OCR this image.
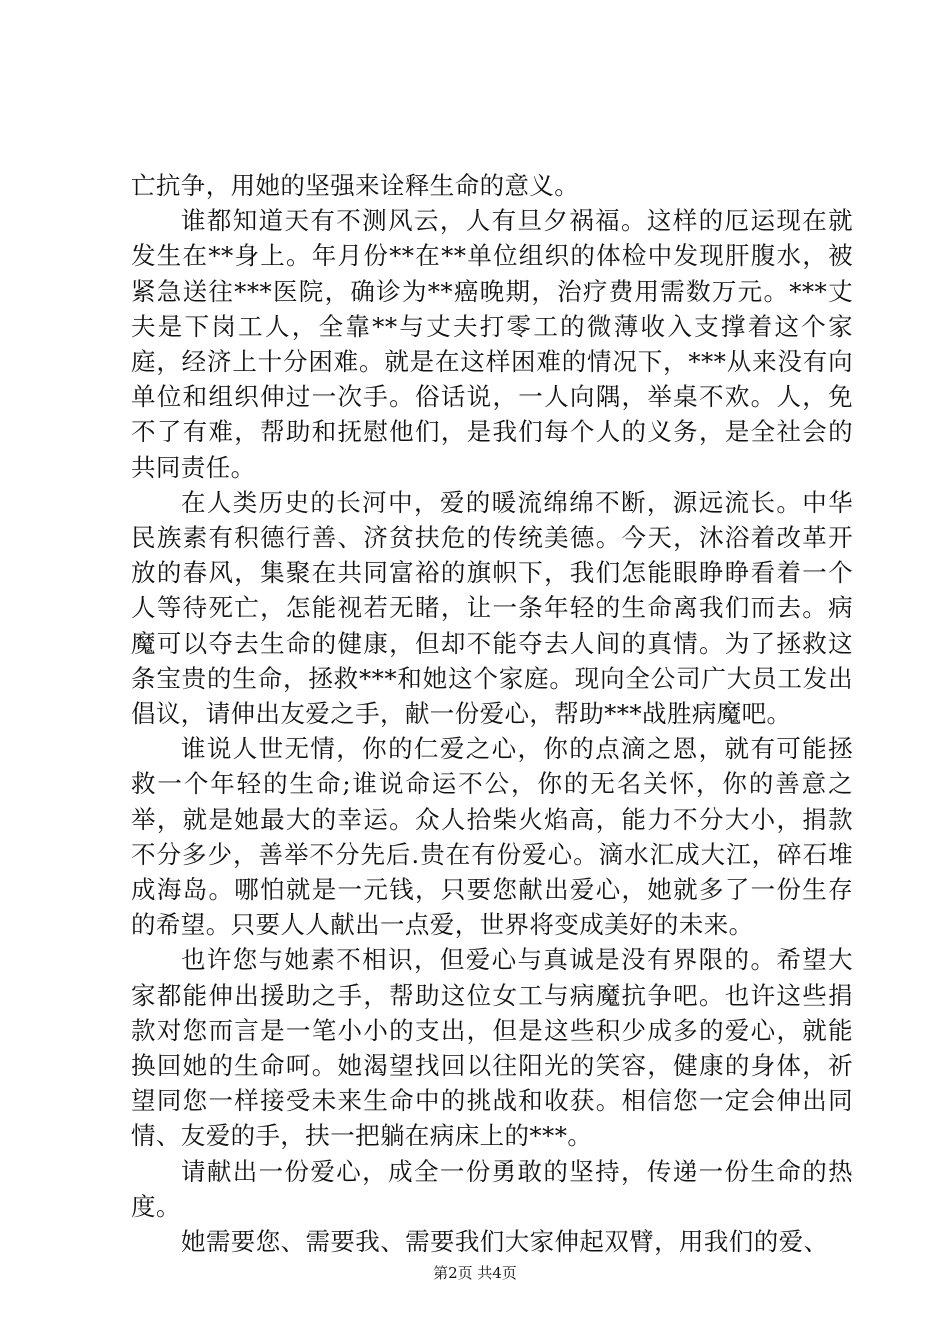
亡抗争，用她的坚强来诠释生命的意义。

谁都知道天有不测风云，人有旦夕祸福。这样的厄运现在就发生在**身上。年月份**在**单位组织的体检中发现肝腹水，被紧急送往***医院，确诊为**癌晚期，治疗费用需数万元。***丈夫是下岗工人，全靠**与丈夫打零工的微薄收入支撑着这个家庭，经济上十分困难。就是在这样困难的情况下，***从来没有向单位和组织伸过一次手。俗话说，一人向隅，举桌不欢。人，免不了有难，帮助和抚慰他们，是我们每个人的义务，是全社会的共同责任。

在人类历史的长河中，爱的暖流绵绵不断，源远流长。中华民族素有积德行善、济贫扶危的传统美德。今天，沐浴着改革开放的春风，集聚在共同富裕的旗帜下，我们怎能眼睁睁看着一个人等待死亡，怎能视若无睹，让一条年轻的生命离我们而去。病魔可以夺去生命的健康，但却不能夺去人间的真情。为了拯救这条宝贵的生命，拯救***和她这个家庭。现向全公司广大员工发出倡议，请伸出友爱之手，献一份爱心，帮助***战胜病魔吧。

谁说人世无情，你的仁爱之心，你的点滴之恩，就有可能拯救一个年轻的生命;谁说命运不公，你的无名关怀，你的善意之举，就是她最大的幸运。众人拾柴火焰高，能力不分大小，捐款不分多少，善举不分先后.贵在有份爱心。滴水汇成大江，碎石堆成海岛。哪怕就是一元钱，只要您献出爱心，她就多了一份生存的希望。只要人人献出一点爱，世界将变成美好的未来。

也许您与她素不相识，但爱心与真诚是没有界限的。希望大家都能伸出援助之手，帮助这位女工与病魔抗争吧。也许这些捐款对您而言是一笔小小的支出，但是这些积少成多的爱心，就能换回她的生命呵。她渴望找回以往阳光的笑容，健康的身体，祈望同您一样接受未来生命中的挑战和收获。相信您一定会伸出同情、友爱的手，扶一把躺在病床上的***。

请献出一份爱心，成全一份勇敢的坚持，传递一份生命的热度。

她需要您、需要我、需要我们大家伸起双臂，用我们的爱、

第2页 共4页
